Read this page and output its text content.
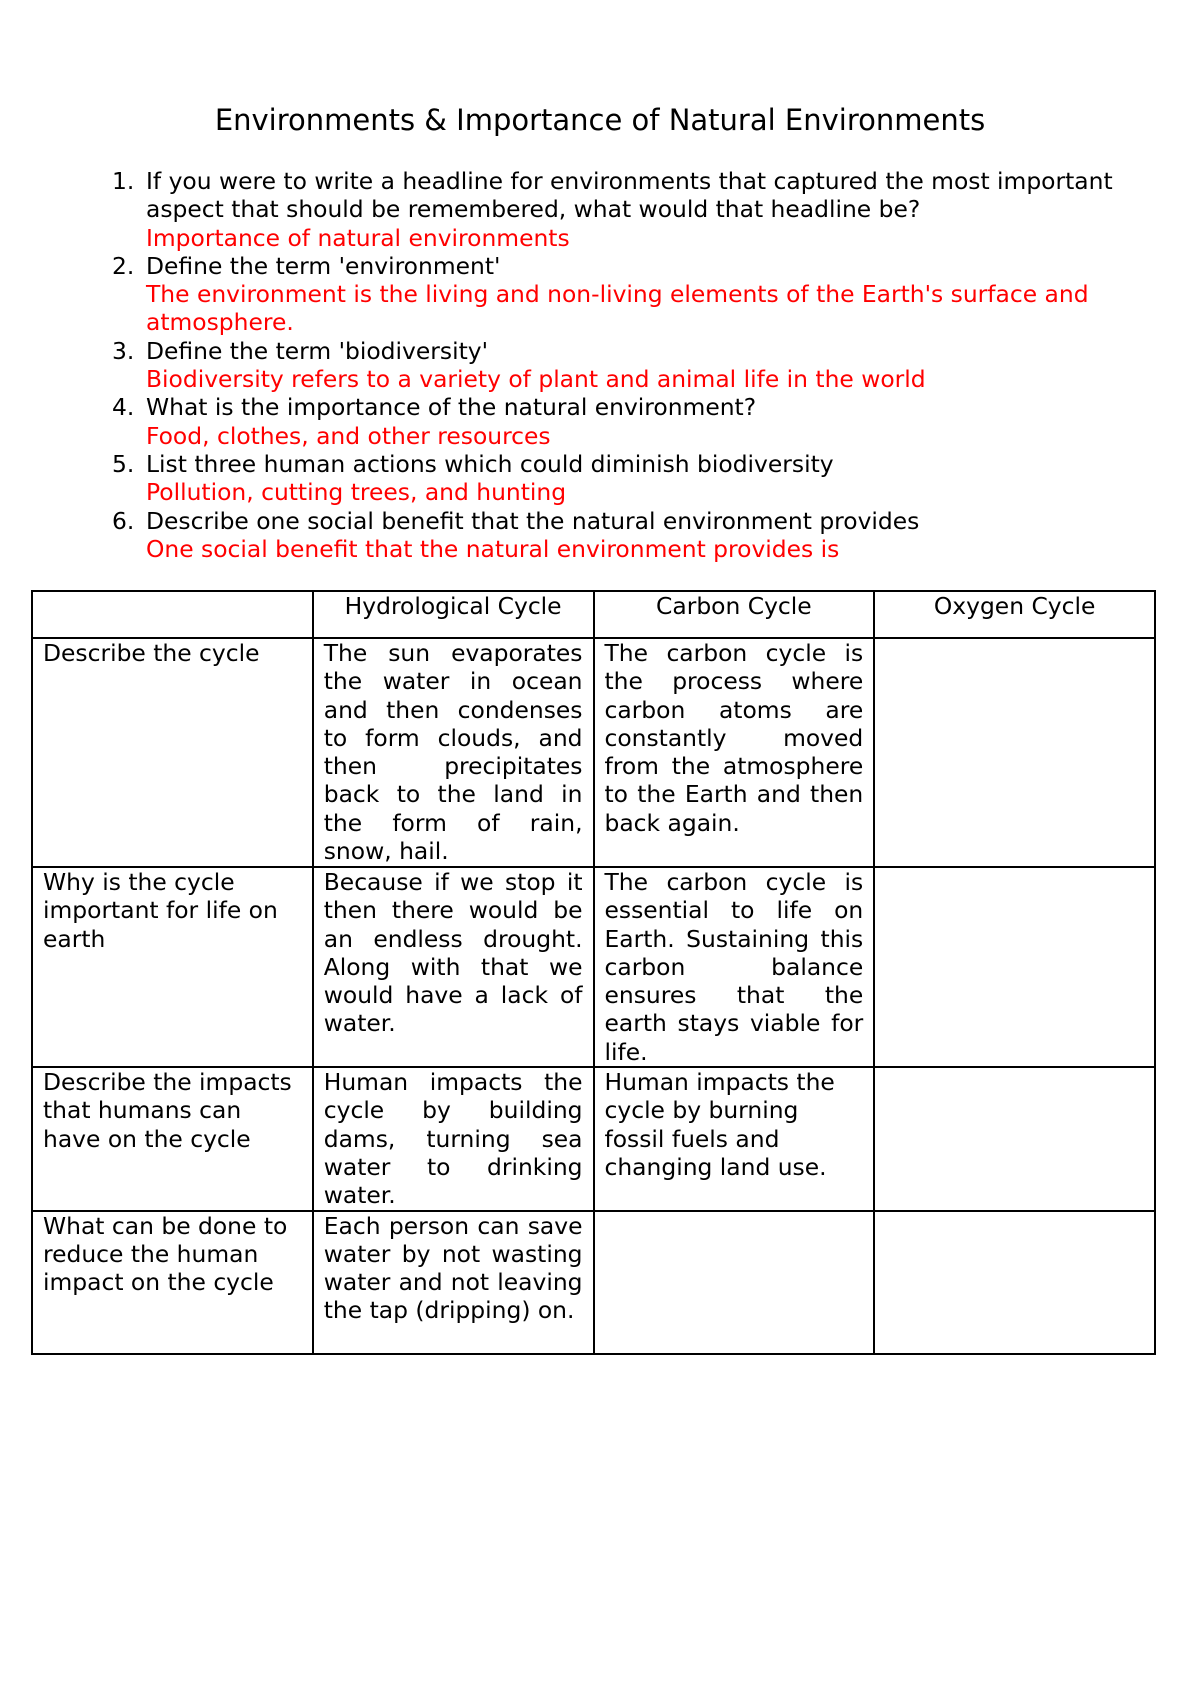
Environments & Importance of Natural Environments
1. If you were to write a headline for environments that captured the most important aspect that should be remembered, what would that headline be?
Importance of natural environments
2. Define the term 'environment'
The environment is the living and non-living elements of the Earth's surface and atmosphere.
3. Define the term 'biodiversity'
Biodiversity refers to a variety of plant and animal life in the world
4. What is the importance of the natural environment?
Food, clothes, and other resources
5. List three human actions which could diminish biodiversity
Pollution, cutting trees, and hunting
6. Describe one social benefit that the natural environment provides
One social benefit that the natural environment provides is
	Hydrological Cycle	Carbon Cycle	Oxygen Cycle
Describe the cycle	The sun evaporates the water in ocean and then condenses to form clouds, and then precipitates back to the land in the form of rain, snow, hail.	The carbon cycle is the process where carbon atoms are constantly moved from the atmosphere to the Earth and then back again.	
Why is the cycle important for life on earth	Because if we stop it then there would be an endless drought. Along with that we would have a lack of water.	The carbon cycle is essential to life on Earth. Sustaining this carbon balance ensures that the earth stays viable for life.	
Describe the impacts that humans can have on the cycle	Human impacts the cycle by building dams, turning sea water to drinking water.	Human impacts the cycle by burning fossil fuels and changing land use.	
What can be done to reduce the human impact on the cycle	Each person can save water by not wasting water and not leaving the tap (dripping) on.		
